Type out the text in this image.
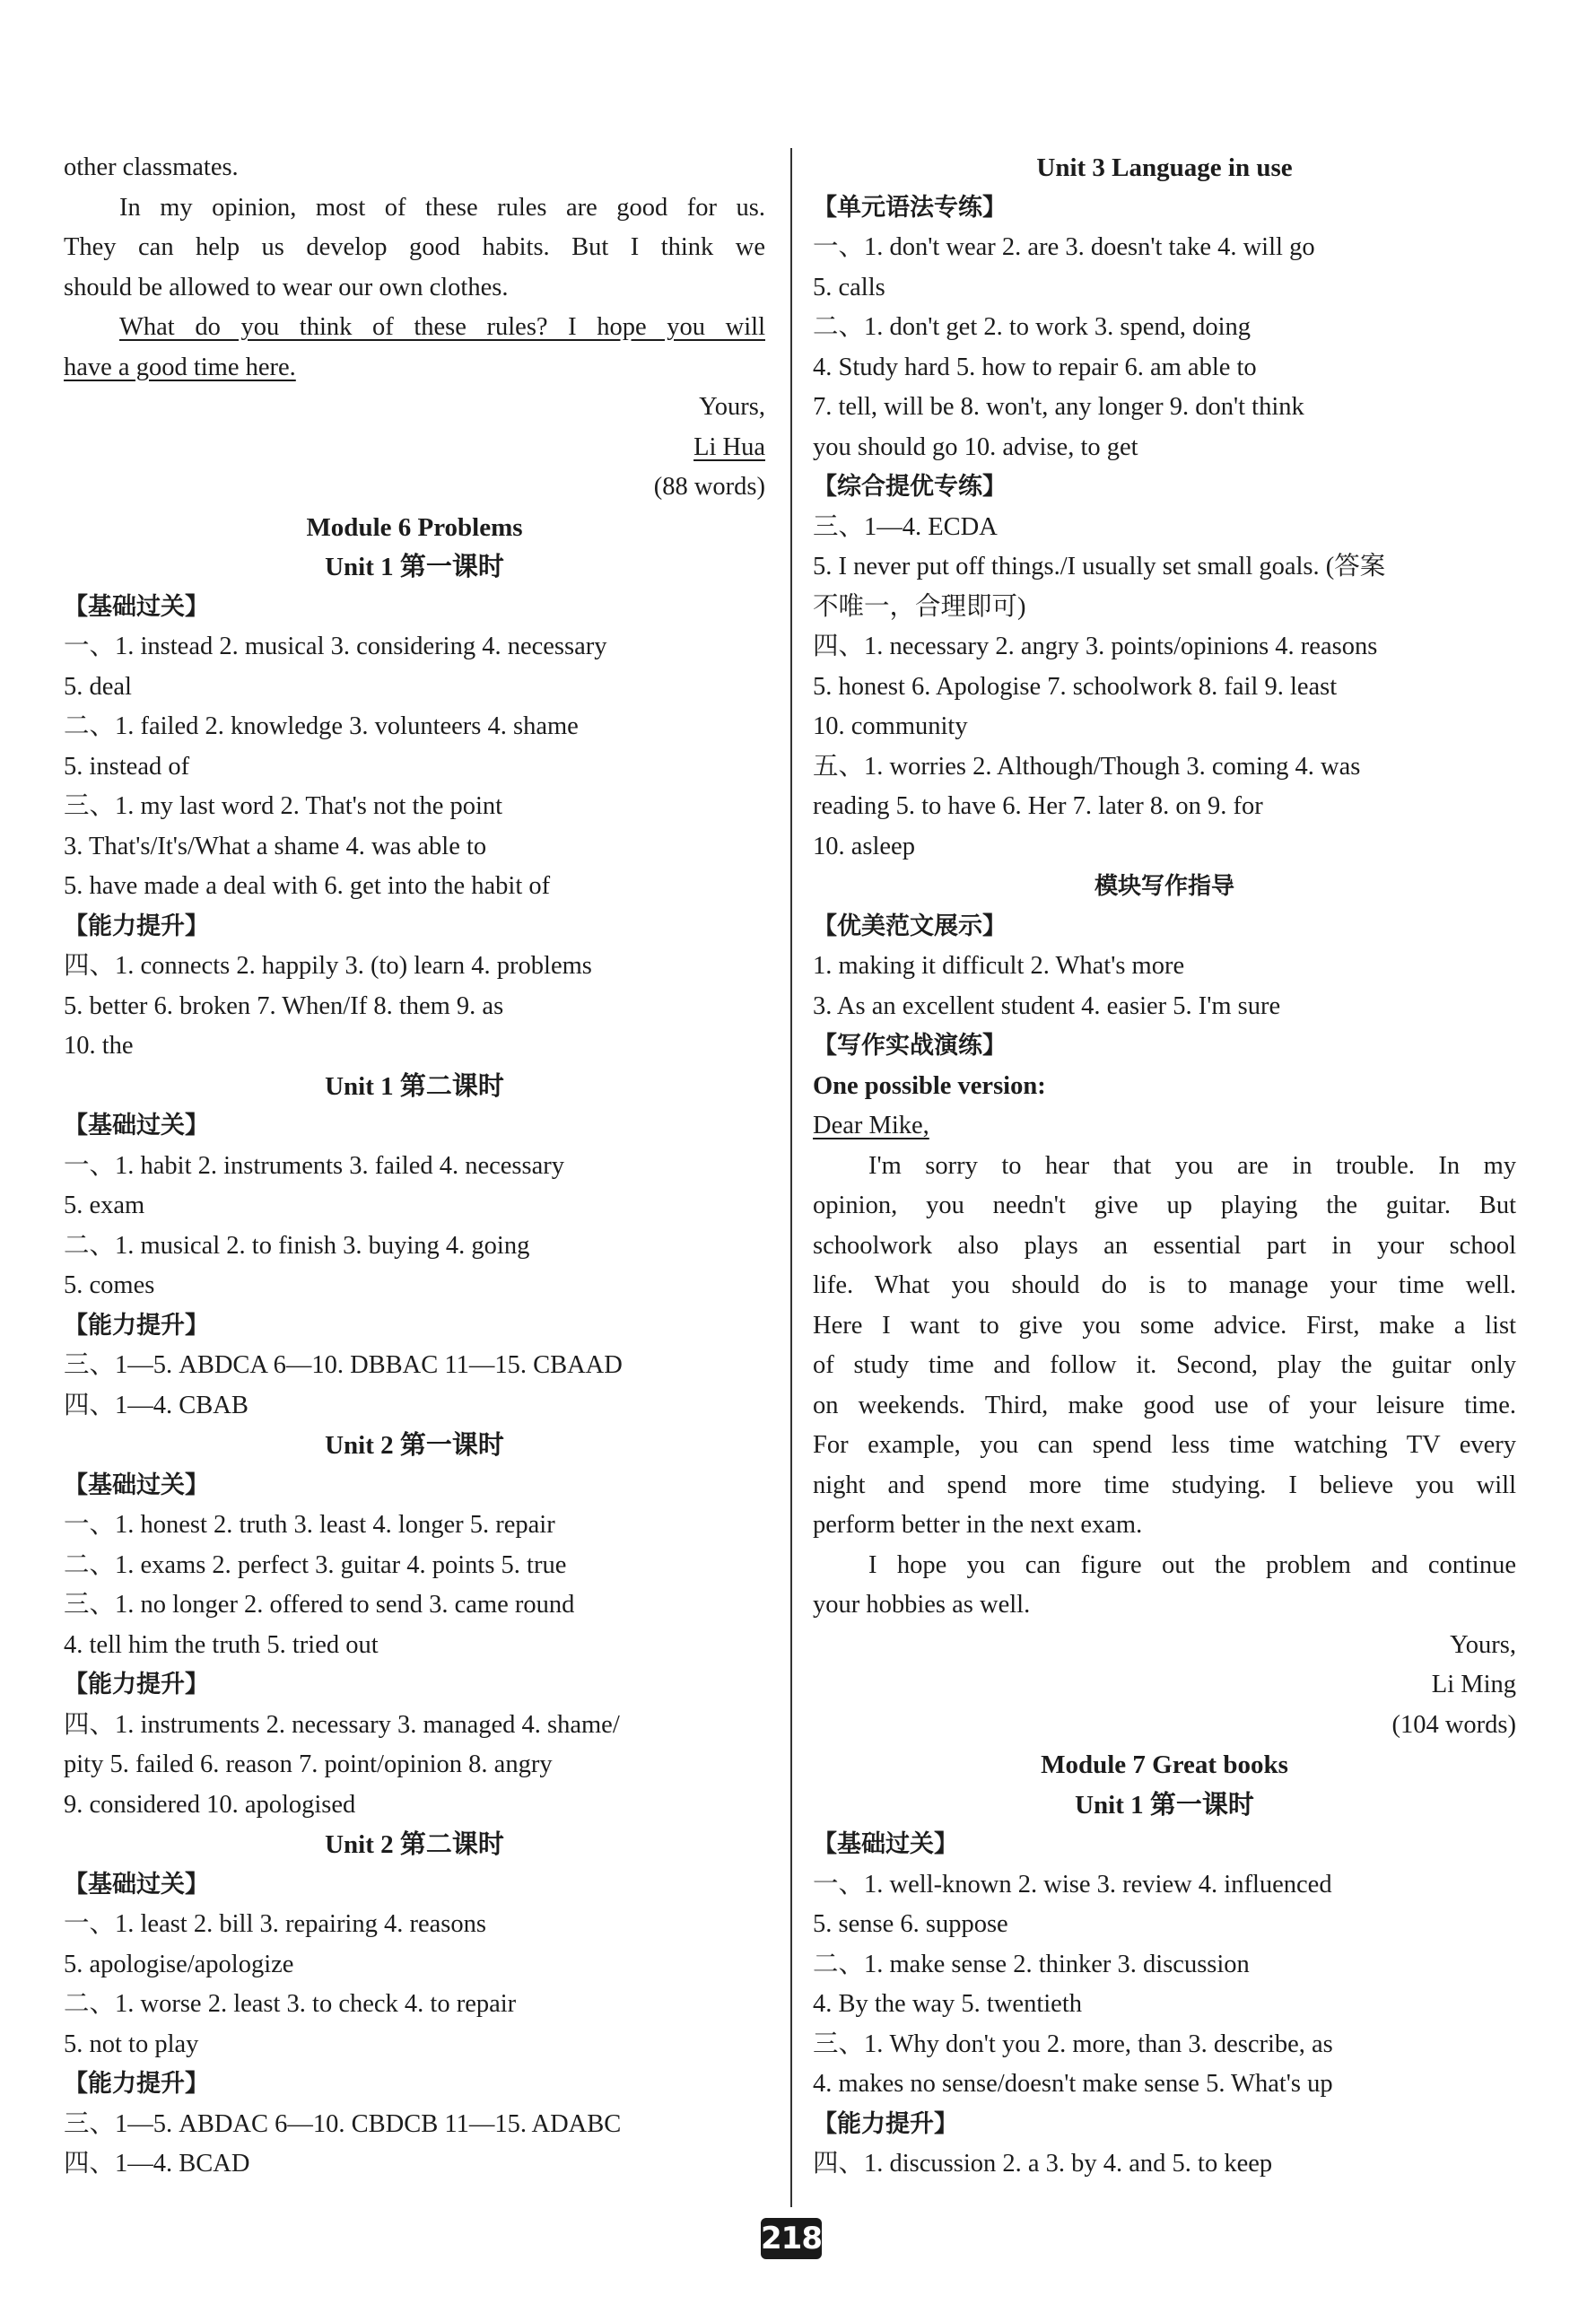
other classmates.
In my opinion, most of these rules are good for us.
They can help us develop good habits. But I think we
should be allowed to wear our own clothes.
What do you think of these rules? I hope you will
have a good time here.
Yours,
Li Hua
(88 words)
Module 6 Problems
Unit 1 第一课时
【基础过关】
一、1. instead 2. musical 3. considering 4. necessary
5. deal
二、1. failed 2. knowledge 3. volunteers 4. shame
5. instead of
三、1. my last word 2. That's not the point
3. That's/It's/What a shame 4. was able to
5. have made a deal with 6. get into the habit of
【能力提升】
四、1. connects 2. happily 3. (to) learn 4. problems
5. better 6. broken 7. When/If 8. them 9. as
10. the
Unit 1 第二课时
【基础过关】
一、1. habit 2. instruments 3. failed 4. necessary
5. exam
二、1. musical 2. to finish 3. buying 4. going
5. comes
【能力提升】
三、1—5. ABDCA 6—10. DBBAC 11—15. CBAAD
四、1—4. CBAB
Unit 2 第一课时
【基础过关】
一、1. honest 2. truth 3. least 4. longer 5. repair
二、1. exams 2. perfect 3. guitar 4. points 5. true
三、1. no longer 2. offered to send 3. came round
4. tell him the truth 5. tried out
【能力提升】
四、1. instruments 2. necessary 3. managed 4. shame/
pity 5. failed 6. reason 7. point/opinion 8. angry
9. considered 10. apologised
Unit 2 第二课时
【基础过关】
一、1. least 2. bill 3. repairing 4. reasons
5. apologise/apologize
二、1. worse 2. least 3. to check 4. to repair
5. not to play
【能力提升】
三、1—5. ABDAC 6—10. CBDCB 11—15. ADABC
四、1—4. BCAD
Unit 3 Language in use
【单元语法专练】
一、1. don't wear 2. are 3. doesn't take 4. will go
5. calls
二、1. don't get 2. to work 3. spend, doing
4. Study hard 5. how to repair 6. am able to
7. tell, will be 8. won't, any longer 9. don't think
you should go 10. advise, to get
【综合提优专练】
三、1—4. ECDA
5. I never put off things./I usually set small goals. (答案
不唯一，合理即可)
四、1. necessary 2. angry 3. points/opinions 4. reasons
5. honest 6. Apologise 7. schoolwork 8. fail 9. least
10. community
五、1. worries 2. Although/Though 3. coming 4. was
reading 5. to have 6. Her 7. later 8. on 9. for
10. asleep
模块写作指导
【优美范文展示】
1. making it difficult 2. What's more
3. As an excellent student 4. easier 5. I'm sure
【写作实战演练】
One possible version:
Dear Mike,
I'm sorry to hear that you are in trouble. In my
opinion, you needn't give up playing the guitar. But
schoolwork also plays an essential part in your school
life. What you should do is to manage your time well.
Here I want to give you some advice. First, make a list
of study time and follow it. Second, play the guitar only
on weekends. Third, make good use of your leisure time.
For example, you can spend less time watching TV every
night and spend more time studying. I believe you will
perform better in the next exam.
I hope you can figure out the problem and continue
your hobbies as well.
Yours,
Li Ming
(104 words)
Module 7 Great books
Unit 1 第一课时
【基础过关】
一、1. well-known 2. wise 3. review 4. influenced
5. sense 6. suppose
二、1. make sense 2. thinker 3. discussion
4. By the way 5. twentieth
三、1. Why don't you 2. more, than 3. describe, as
4. makes no sense/doesn't make sense 5. What's up
【能力提升】
四、1. discussion 2. a 3. by 4. and 5. to keep
218
